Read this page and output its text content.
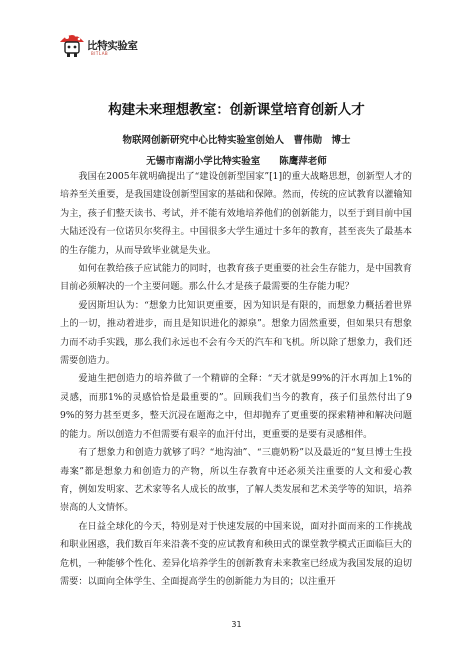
比特实验室
BITLAB
构建未来理想教室：创新课堂培育创新人才
物联网创新研究中心比特实验室创始人　曹伟勋　博士
无锡市南湖小学比特实验室　　陈鹰萍老师

我国在2005年就明确提出了“建设创新型国家”[1]的重大战略思想，创新型人才的培养至关重要，是我国建设创新型国家的基础和保障。然而，传统的应试教育以灌输知为主，孩子们整天读书、考试，并不能有效地培养他们的创新能力，以至于到目前中国大陆还没有一位诺贝尔奖得主。中国很多大学生通过十多年的教育，甚至丧失了最基本的生存能力，从而导致毕业就是失业。

如何在教给孩子应试能力的同时，也教育孩子更重要的社会生存能力，是中国教育目前必须解决的一个主要问题。那么什么才是孩子最需要的生存能力呢？

爱因斯坦认为：“想象力比知识更重要，因为知识是有限的，而想象力概括着世界上的一切，推动着进步，而且是知识进化的源泉”。想象力固然重要，但如果只有想象力而不动手实践，那么我们永远也不会有今天的汽车和飞机。所以除了想象力，我们还需要创造力。

爱迪生把创造力的培养做了一个精辟的全释：“天才就是99%的汗水再加上1%的灵感，而那1%的灵感恰恰是最重要的”。回顾我们当今的教育，孩子们虽然付出了99%的努力甚至更多，整天沉浸在题海之中，但却抛弃了更重要的探索精神和解决问题的能力。所以创造力不但需要有艰辛的血汗付出，更重要的是要有灵感相伴。

有了想象力和创造力就够了吗？“地沟油”、“三鹿奶粉”以及最近的“复旦博士生投毒案”都是想象力和创造力的产物，所以生存教育中还必须关注重要的人文和爱心教育，例如发明家、艺术家等名人成长的故事，了解人类发展和艺术美学等的知识，培养崇高的人文情怀。

在日益全球化的今天，特别是对于快速发展的中国来说，面对扑面而来的工作挑战和职业困惑，我们数百年来沿袭不变的应试教育和秧田式的课堂教学模式正面临巨大的危机，一种能够个性化、差异化培养学生的创新教育未来教室已经成为我国发展的迫切需要：以面向全体学生、全面提高学生的创新能力为目的；以注重开

31
